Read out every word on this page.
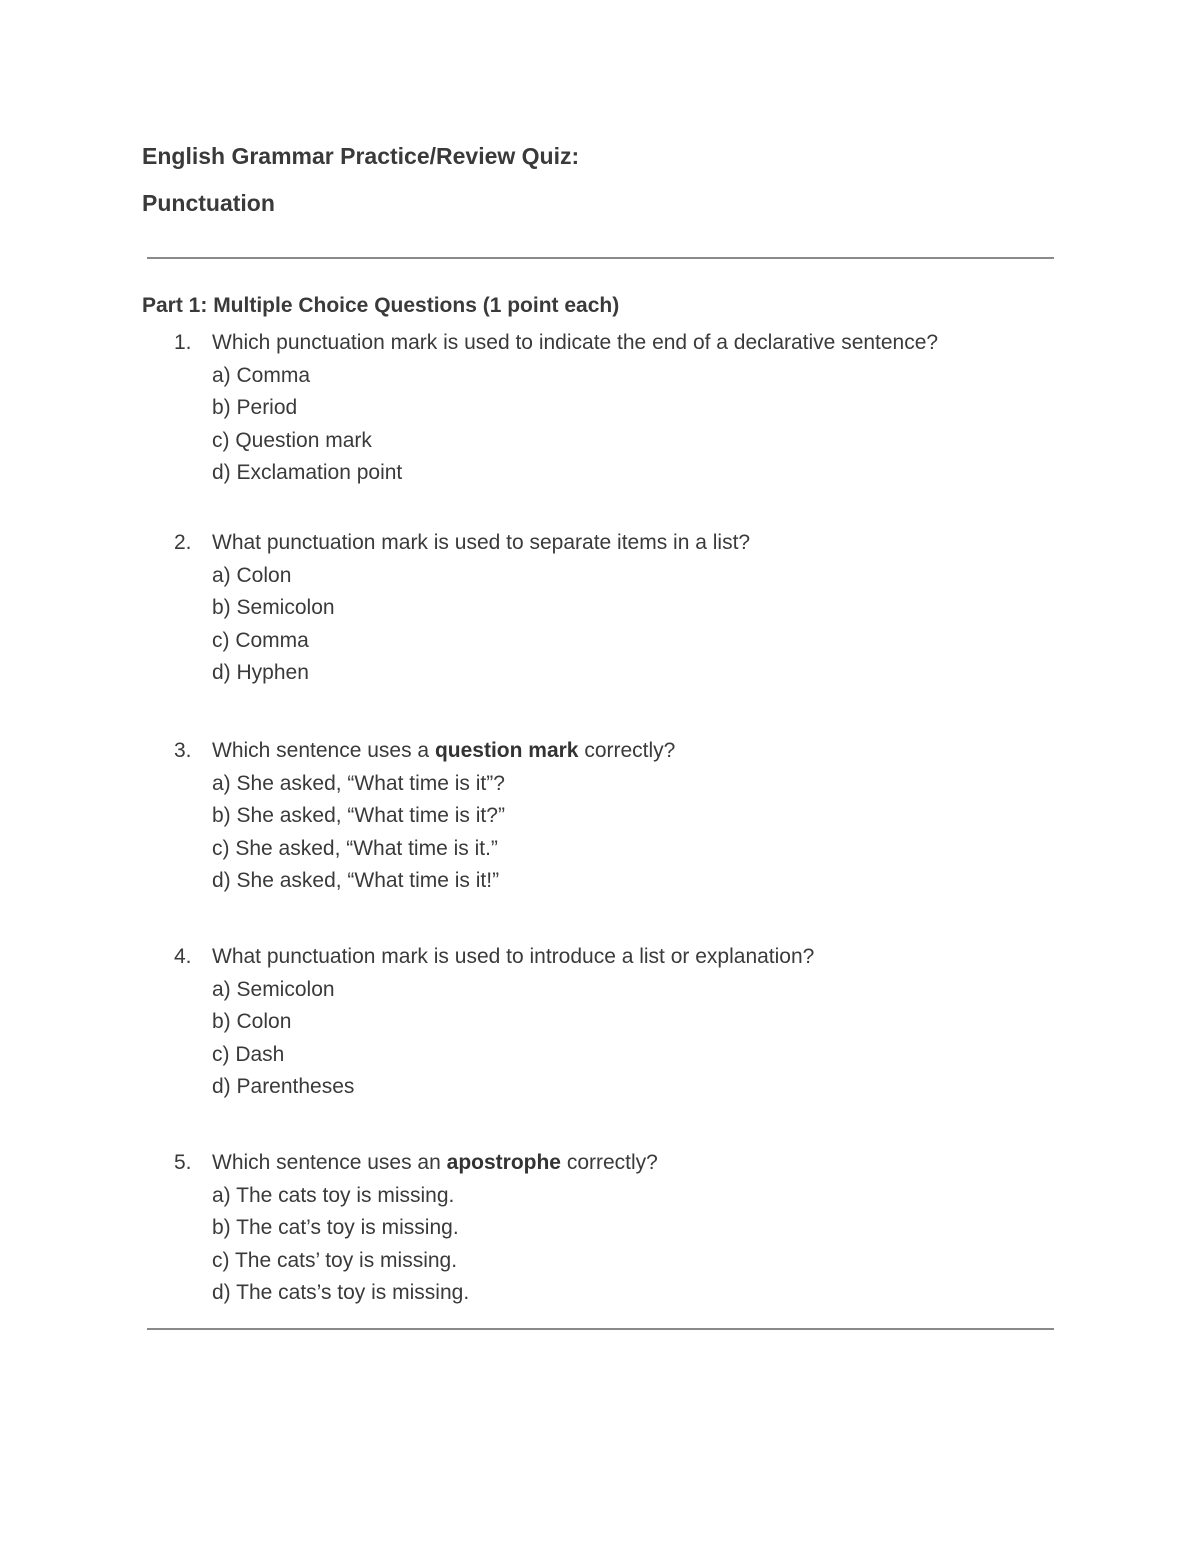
English Grammar Practice/Review Quiz:
Punctuation
Part 1: Multiple Choice Questions (1 point each)
1. Which punctuation mark is used to indicate the end of a declarative sentence?
a) Comma
b) Period
c) Question mark
d) Exclamation point
2. What punctuation mark is used to separate items in a list?
a) Colon
b) Semicolon
c) Comma
d) Hyphen
3. Which sentence uses a question mark correctly?
a) She asked, “What time is it”?
b) She asked, “What time is it?”
c) She asked, “What time is it.”
d) She asked, “What time is it!”
4. What punctuation mark is used to introduce a list or explanation?
a) Semicolon
b) Colon
c) Dash
d) Parentheses
5. Which sentence uses an apostrophe correctly?
a) The cats toy is missing.
b) The cat’s toy is missing.
c) The cats’ toy is missing.
d) The cats’s toy is missing.
